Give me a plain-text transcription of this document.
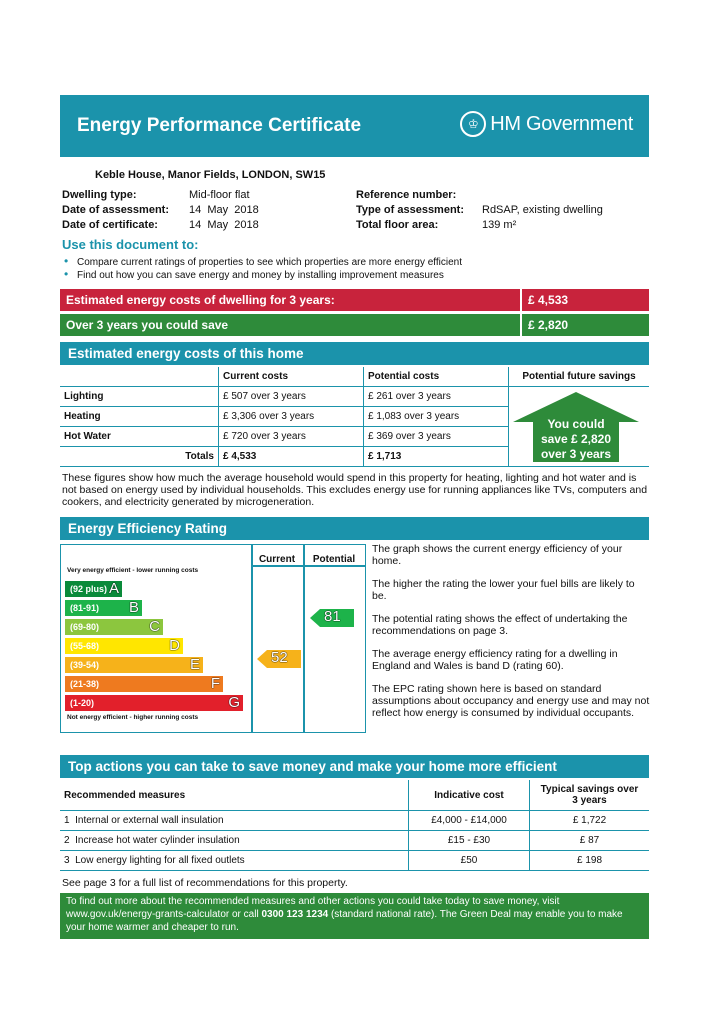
Energy Performance Certificate	♔ HM Government
Keble House, Manor Fields, LONDON, SW15
Dwelling type:	Mid-floor flat
Date of assessment: 14 May 2018
Date of certificate:	14 May 2018
Reference number:
Type of assessment: RdSAP, existing dwelling
Total floor area:	139 m²
Use this document to:
• Compare current ratings of properties to see which properties are more energy efficient
• Find out how you can save energy and money by installing improvement measures
Estimated energy costs of dwelling for 3 years:	£ 4,533
Over 3 years you could save	£ 2,820
Estimated energy costs of this home
	Current costs	Potential costs	Potential future savings
Lighting	£ 507 over 3 years	£ 261 over 3 years	
Heating	£ 3,306 over 3 years	£ 1,083 over 3 years	
Hot Water	£ 720 over 3 years	£ 369 over 3 years	
Totals	£ 4,533	£ 1,713	
You could
save £ 2,820
over 3 years
These figures show how much the average household would spend in this property for heating, lighting and hot water and is not based on energy used by individual households. This excludes energy use for running appliances like TVs, computers and cookers, and electricity generated by microgeneration.
Energy Efficiency Rating
Current	Potential
Very energy efficient - lower running costs
Not energy efficient - higher running costs
(92 plus) A
(81-91) B
(69-80)	C
(55-68)	D
(39-54)	E
(21-38)	F
(1-20)	G
52
81
The graph shows the current energy efficiency of your home.
The higher the rating the lower your fuel bills are likely to be.
The potential rating shows the effect of undertaking the recommendations on page 3.
The average energy efficiency rating for a dwelling in England and Wales is band D (rating 60).
The EPC rating shown here is based on standard assumptions about occupancy and energy use and may not reflect how energy is consumed by individual occupants.
Top actions you can take to save money and make your home more efficient
Recommended measures	Indicative cost	Typical savings over 3 years
1 Internal or external wall insulation	£4,000 - £14,000	£ 1,722
2 Increase hot water cylinder insulation	£15 - £30	£ 87
3 Low energy lighting for all fixed outlets	£50	£ 198
See page 3 for a full list of recommendations for this property.
To find out more about the recommended measures and other actions you could take today to save money, visit www.gov.uk/energy-grants-calculator or call 0300 123 1234 (standard national rate). The Green Deal may enable you to make your home warmer and cheaper to run.
